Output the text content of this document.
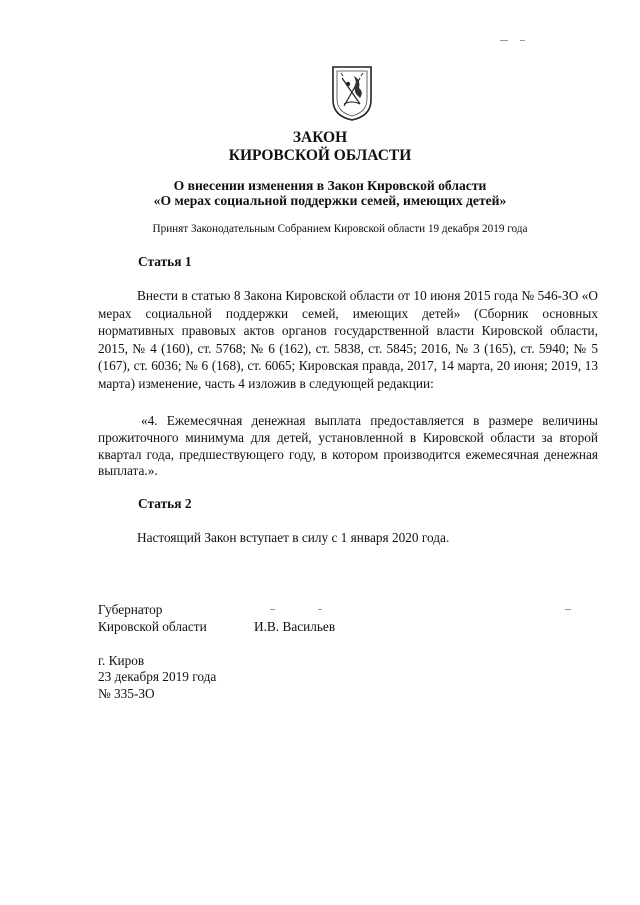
ЗАКОН
КИРОВСКОЙ ОБЛАСТИ
О внесении изменения в Закон Кировской области
«О мерах социальной поддержки семей, имеющих детей»
Принят Законодательным Собранием Кировской области 19 декабря 2019 года
Статья 1
Внести в статью 8 Закона Кировской области от 10 июня 2015 года № 546-ЗО «О мерах социальной поддержки семей, имеющих детей» (Сборник основных нормативных правовых актов органов государственной власти Кировской области, 2015, № 4 (160), ст. 5768; № 6 (162), ст. 5838, ст. 5845; 2016, № 3 (165), ст. 5940; № 5 (167), ст. 6036; № 6 (168), ст. 6065; Кировская правда, 2017, 14 марта, 20 июня; 2019, 13 марта) изменение, часть 4 изложив в следующей редакции:
«4. Ежемесячная денежная выплата предоставляется в размере величины прожиточного минимума для детей, установленной в Кировской области за второй квартал года, предшествующего году, в котором производится ежемесячная денежная выплата.».
Статья 2
Настоящий Закон вступает в силу с 1 января 2020 года.
Губернатор
Кировской области	И.В. Васильев
г. Киров
23 декабря 2019 года
№ 335-ЗО
